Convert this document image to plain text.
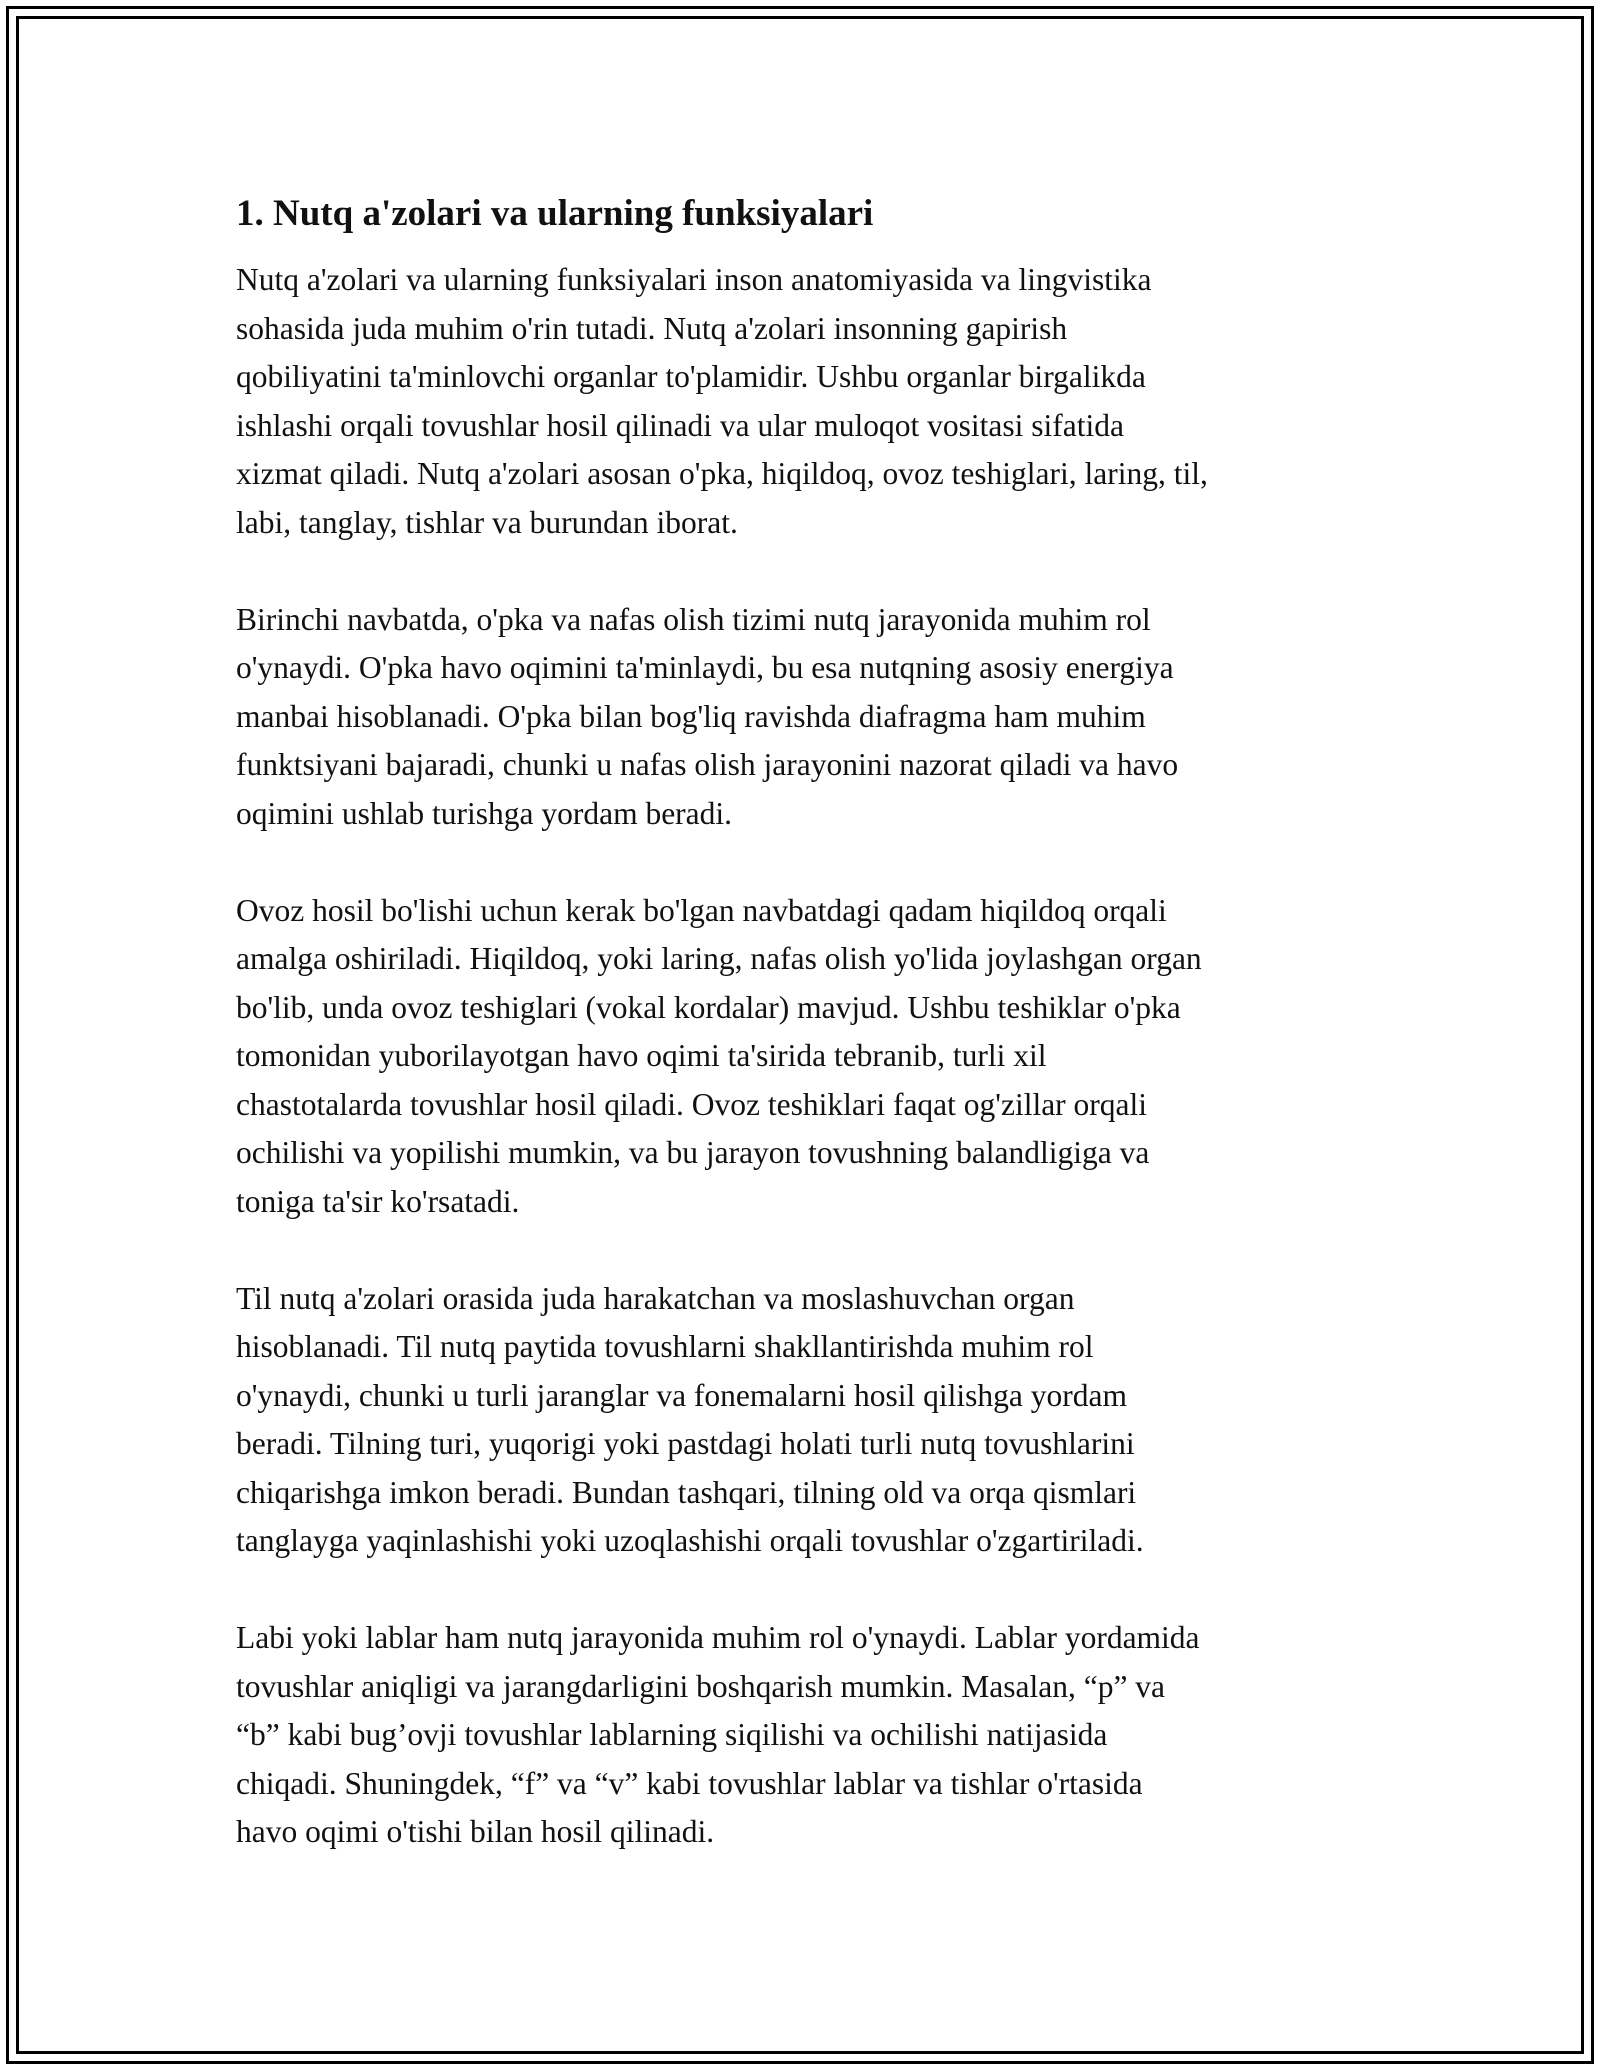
1. Nutq a'zolari va ularning funksiyalari
Nutq a'zolari va ularning funksiyalari inson anatomiyasida va lingvistika
sohasida juda muhim o'rin tutadi. Nutq a'zolari insonning gapirish
qobiliyatini ta'minlovchi organlar to'plamidir. Ushbu organlar birgalikda
ishlashi orqali tovushlar hosil qilinadi va ular muloqot vositasi sifatida
xizmat qiladi. Nutq a'zolari asosan o'pka, hiqildoq, ovoz teshiglari, laring, til,
labi, tanglay, tishlar va burundan iborat.
Birinchi navbatda, o'pka va nafas olish tizimi nutq jarayonida muhim rol
o'ynaydi. O'pka havo oqimini ta'minlaydi, bu esa nutqning asosiy energiya
manbai hisoblanadi. O'pka bilan bog'liq ravishda diafragma ham muhim
funktsiyani bajaradi, chunki u nafas olish jarayonini nazorat qiladi va havo
oqimini ushlab turishga yordam beradi.
Ovoz hosil bo'lishi uchun kerak bo'lgan navbatdagi qadam hiqildoq orqali
amalga oshiriladi. Hiqildoq, yoki laring, nafas olish yo'lida joylashgan organ
bo'lib, unda ovoz teshiglari (vokal kordalar) mavjud. Ushbu teshiklar o'pka
tomonidan yuborilayotgan havo oqimi ta'sirida tebranib, turli xil
chastotalarda tovushlar hosil qiladi. Ovoz teshiklari faqat og'zillar orqali
ochilishi va yopilishi mumkin, va bu jarayon tovushning balandligiga va
toniga ta'sir ko'rsatadi.
Til nutq a'zolari orasida juda harakatchan va moslashuvchan organ
hisoblanadi. Til nutq paytida tovushlarni shakllantirishda muhim rol
o'ynaydi, chunki u turli jaranglar va fonemalarni hosil qilishga yordam
beradi. Tilning turi, yuqorigi yoki pastdagi holati turli nutq tovushlarini
chiqarishga imkon beradi. Bundan tashqari, tilning old va orqa qismlari
tanglayga yaqinlashishi yoki uzoqlashishi orqali tovushlar o'zgartiriladi.
Labi yoki lablar ham nutq jarayonida muhim rol o'ynaydi. Lablar yordamida
tovushlar aniqligi va jarangdarligini boshqarish mumkin. Masalan, “p” va
“b” kabi bug’ovji tovushlar lablarning siqilishi va ochilishi natijasida
chiqadi. Shuningdek, “f” va “v” kabi tovushlar lablar va tishlar o'rtasida
havo oqimi o'tishi bilan hosil qilinadi.
